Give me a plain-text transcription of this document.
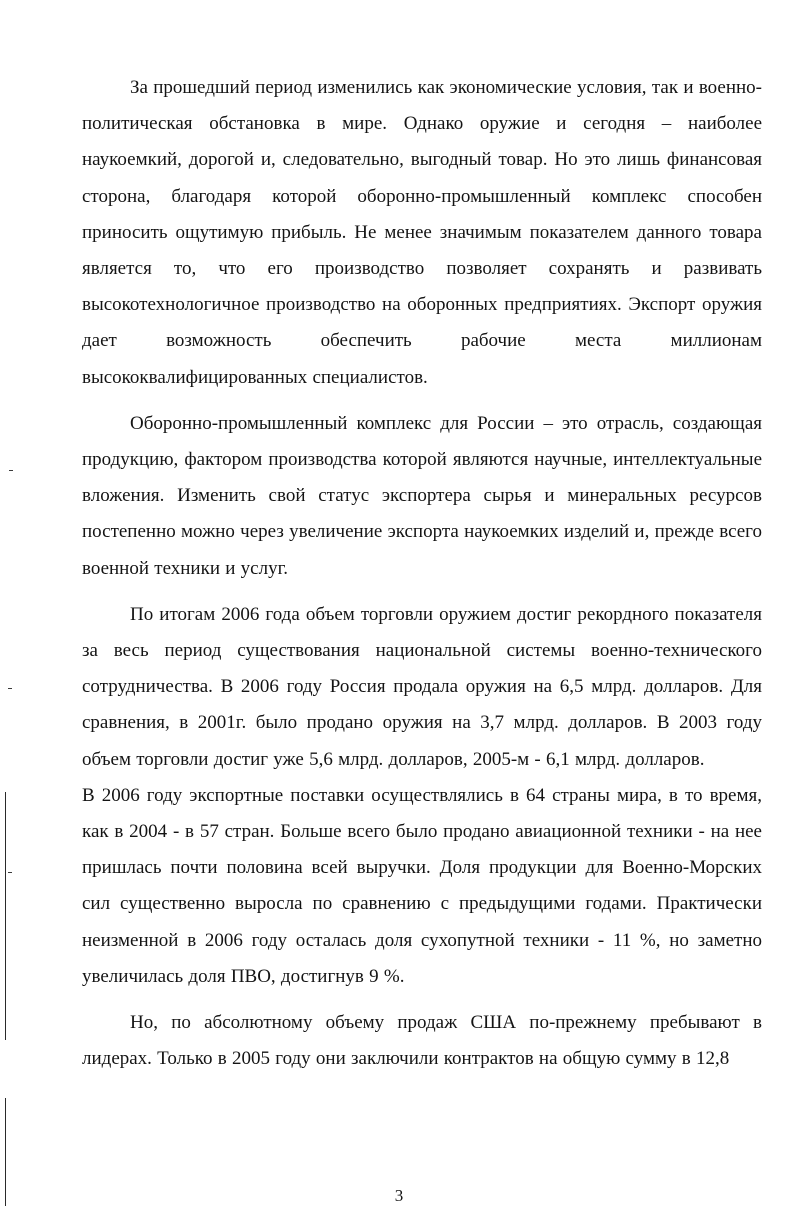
За прошедший период изменились как экономические условия, так и военно-политическая обстановка в мире. Однако оружие и сегодня – наиболее наукоемкий, дорогой и, следовательно, выгодный товар. Но это лишь финансовая сторона, благодаря которой оборонно-промышленный комплекс способен приносить ощутимую прибыль. Не менее значимым показателем данного товара является то, что его производство позволяет сохранять и развивать высокотехнологичное производство на оборонных предприятиях. Экспорт оружия дает возможность обеспечить рабочие места миллионам высококвалифицированных специалистов.

Оборонно-промышленный комплекс для России – это отрасль, создающая продукцию, фактором производства которой являются научные, интеллектуальные вложения. Изменить свой статус экспортера сырья и минеральных ресурсов постепенно можно через увеличение экспорта наукоемких изделий и, прежде всего военной техники и услуг.

По итогам 2006 года объем торговли оружием достиг рекордного показателя за весь период существования национальной системы военно-технического сотрудничества. В 2006 году Россия продала оружия на 6,5 млрд. долларов. Для сравнения, в 2001г. было продано оружия на 3,7 млрд. долларов. В 2003 году объем торговли достиг уже 5,6 млрд. долларов, 2005-м - 6,1 млрд. долларов.

В 2006 году экспортные поставки осуществлялись в 64 страны мира, в то время, как в 2004 - в 57 стран. Больше всего было продано авиационной техники - на нее пришлась почти половина всей выручки. Доля продукции для Военно-Морских сил существенно выросла по сравнению с предыдущими годами. Практически неизменной в 2006 году осталась доля сухопутной техники - 11 %, но заметно увеличилась доля ПВО, достигнув 9 %.

Но, по абсолютному объему продаж США по-прежнему пребывают в лидерах. Только в 2005 году они заключили контрактов на общую сумму в 12,8

3
